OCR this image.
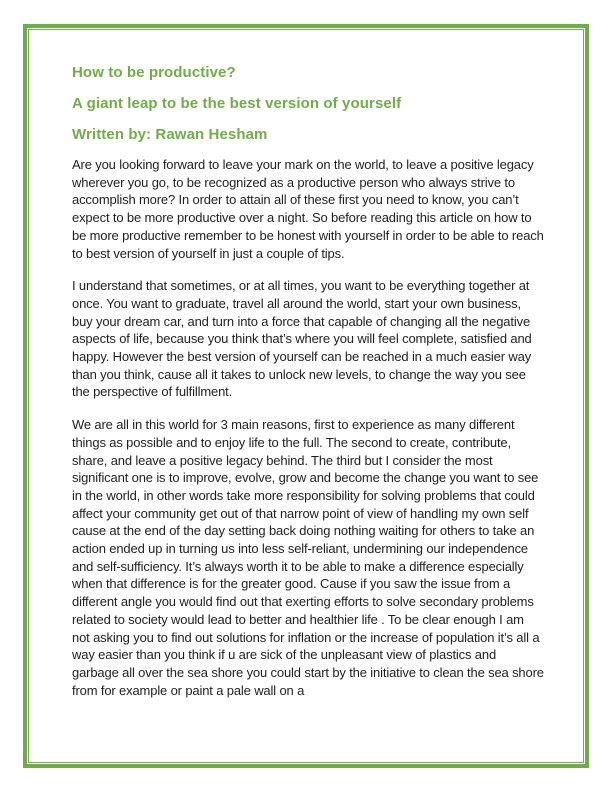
How to be productive?
A giant leap to be the best version of yourself
Written by: Rawan Hesham

Are you looking forward to leave your mark on the world, to leave a positive legacy wherever you go, to be recognized as a productive person who always strive to accomplish more? In order to attain all of these first you need to know, you can’t expect to be more productive over a night. So before reading this article on how to be more productive remember to be honest with yourself in order to be able to reach to best version of yourself in just a couple of tips.

I understand that sometimes, or at all times, you want to be everything together at once. You want to graduate, travel all around the world, start your own business, buy your dream car, and turn into a force that capable of changing all the negative aspects of life, because you think that’s where you will feel complete, satisfied and happy. However the best version of yourself can be reached in a much easier way than you think, cause all it takes to unlock new levels, to change the way you see the perspective of fulfillment.

We are all in this world for 3 main reasons, first to experience as many different things as possible and to enjoy life to the full. The second to create, contribute, share, and leave a positive legacy behind. The third but I consider the most significant one is to improve, evolve, grow and become the change you want to see in the world, in other words take more responsibility for solving problems that could affect your community get out of that narrow point of view of handling my own self cause at the end of the day setting back doing nothing waiting for others to take an action ended up in turning us into less self-reliant, undermining our independence and self-sufficiency. It’s always worth it to be able to make a difference especially when that difference is for the greater good. Cause if you saw the issue from a different angle you would find out that exerting efforts to solve secondary problems related to society would lead to better and healthier life . To be clear enough I am not asking you to find out solutions for inflation or the increase of population it’s all a way easier than you think if u are sick of the unpleasant view of plastics and garbage all over the sea shore you could start by the initiative to clean the sea shore from for example or paint a pale wall on a
